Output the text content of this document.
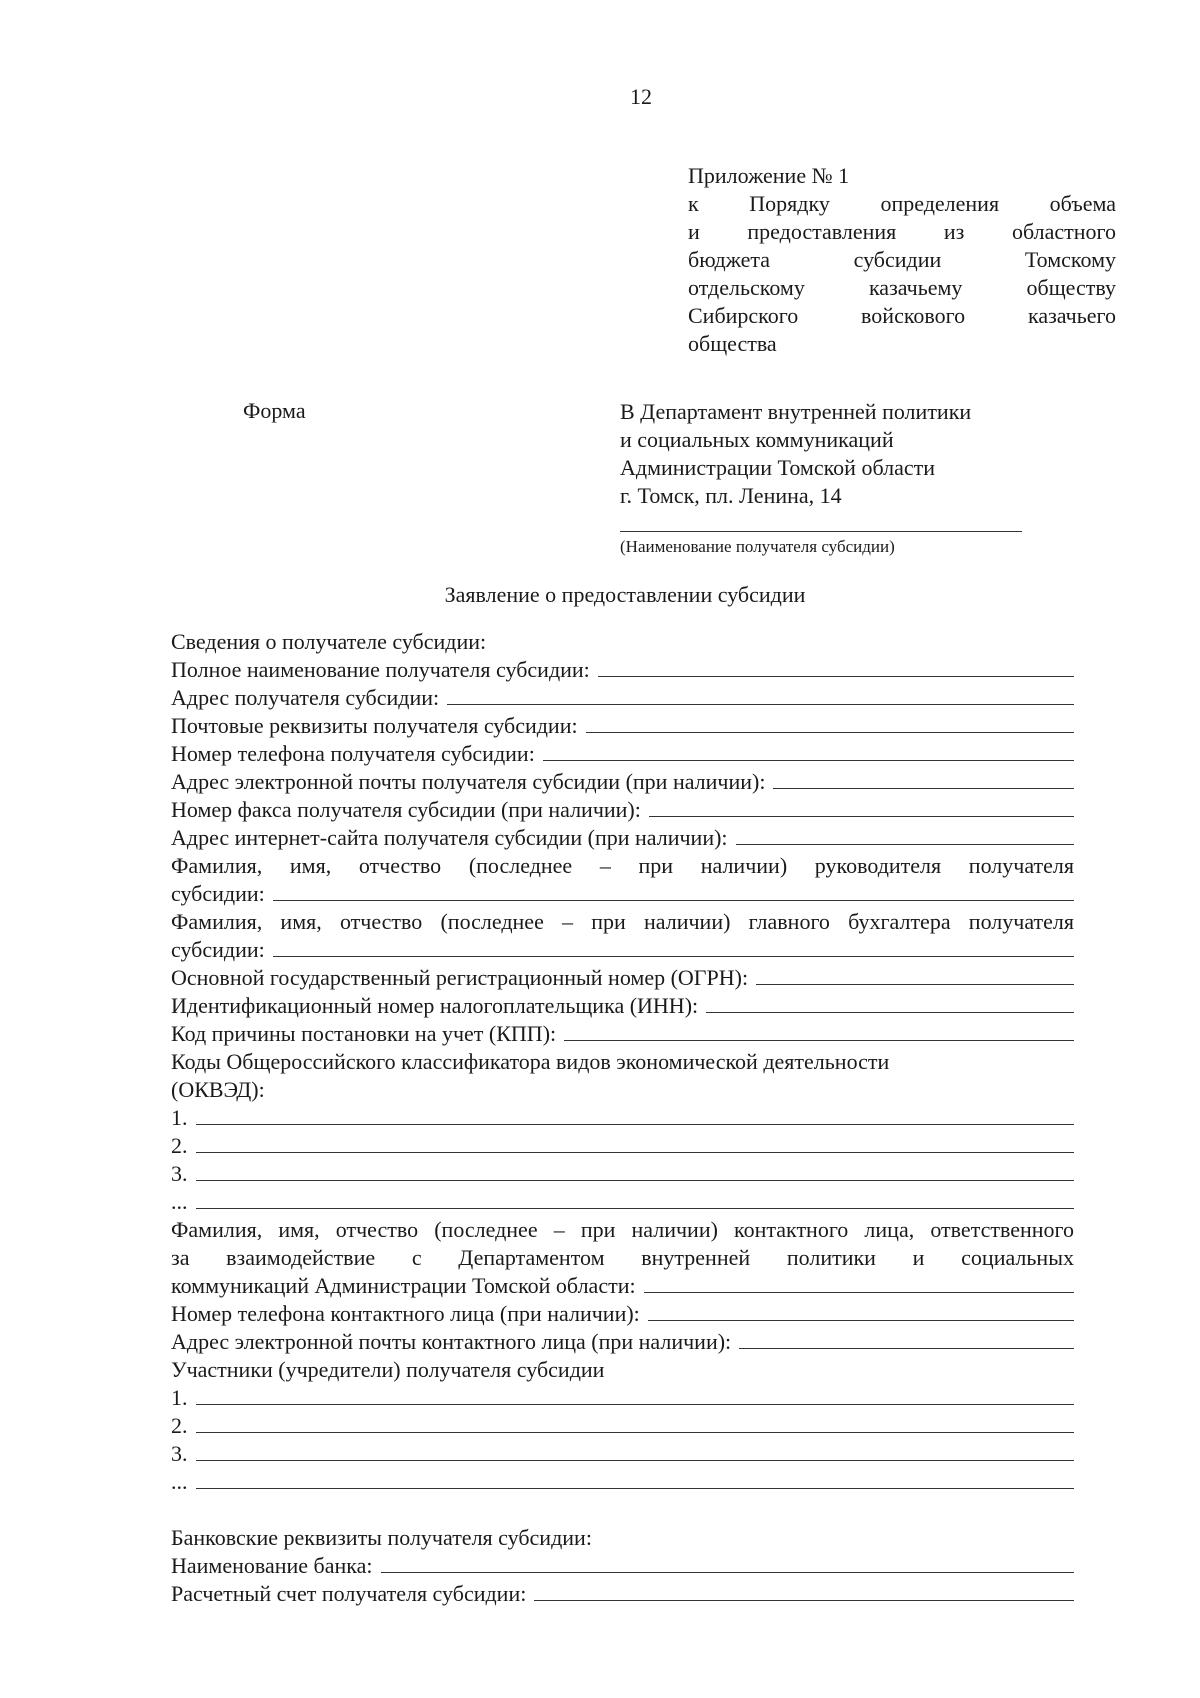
12
Приложение № 1
к Порядку определения объема
и предоставления из областного
бюджета субсидии Томскому
отдельскому казачьему обществу
Сибирского войскового казачьего
общества
Форма	В Департамент внутренней политики
и социальных коммуникаций
Администрации Томской области
г. Томск, пл. Ленина, 14
(Наименование получателя субсидии)
Заявление о предоставлении субсидии
Сведения о получателе субсидии:
Полное наименование получателя субсидии:
Адрес получателя субсидии:
Почтовые реквизиты получателя субсидии:
Номер телефона получателя субсидии:
Адрес электронной почты получателя субсидии (при наличии):
Номер факса получателя субсидии (при наличии):
Адрес интернет-сайта получателя субсидии (при наличии):
Фамилия, имя, отчество (последнее – при наличии) руководителя получателя
субсидии:
Фамилия, имя, отчество (последнее – при наличии) главного бухгалтера получателя
субсидии:
Основной государственный регистрационный номер (ОГРН):
Идентификационный номер налогоплательщика (ИНН):
Код причины постановки на учет (КПП):
Коды Общероссийского классификатора видов экономической деятельности
(ОКВЭД):
1.
2.
3.
...
Фамилия, имя, отчество (последнее – при наличии) контактного лица, ответственного
за взаимодействие с Департаментом внутренней политики и социальных
коммуникаций Администрации Томской области:
Номер телефона контактного лица (при наличии):
Адрес электронной почты контактного лица (при наличии):
Участники (учредители) получателя субсидии
1.
2.
3.
...
Банковские реквизиты получателя субсидии:
Наименование банка:
Расчетный счет получателя субсидии:
